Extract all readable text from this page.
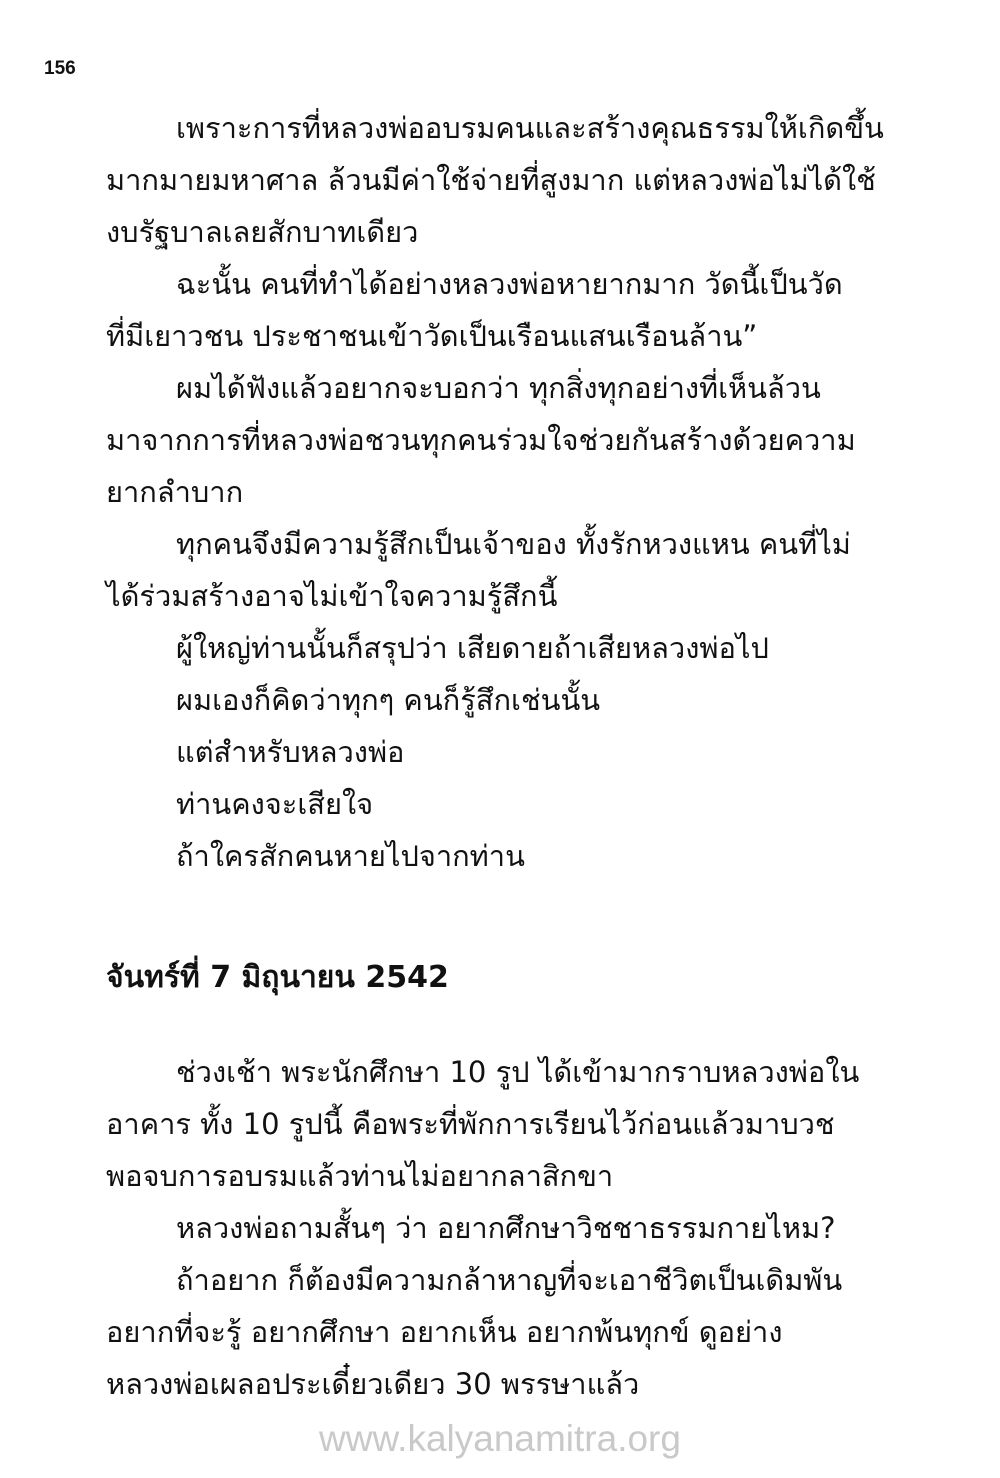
156
เพราะการที่หลวงพ่ออบรมคนและสร้างคุณธรรมให้เกิดขึ้น
มากมายมหาศาล ล้วนมีค่าใช้จ่ายที่สูงมาก แต่หลวงพ่อไม่ได้ใช้
งบรัฐบาลเลยสักบาทเดียว
ฉะนั้น คนที่ทำได้อย่างหลวงพ่อหายากมาก วัดนี้เป็นวัด
ที่มีเยาวชน ประชาชนเข้าวัดเป็นเรือนแสนเรือนล้าน”
ผมได้ฟังแล้วอยากจะบอกว่า ทุกสิ่งทุกอย่างที่เห็นล้วน
มาจากการที่หลวงพ่อชวนทุกคนร่วมใจช่วยกันสร้างด้วยความ
ยากลำบาก
ทุกคนจึงมีความรู้สึกเป็นเจ้าของ ทั้งรักหวงแหน คนที่ไม่
ได้ร่วมสร้างอาจไม่เข้าใจความรู้สึกนี้
ผู้ใหญ่ท่านนั้นก็สรุปว่า เสียดายถ้าเสียหลวงพ่อไป
ผมเองก็คิดว่าทุกๆ คนก็รู้สึกเช่นนั้น
แต่สำหรับหลวงพ่อ
ท่านคงจะเสียใจ
ถ้าใครสักคนหายไปจากท่าน
จันทร์ที่ 7 มิถุนายน 2542
ช่วงเช้า พระนักศึกษา 10 รูป ได้เข้ามากราบหลวงพ่อใน
อาคาร ทั้ง 10 รูปนี้ คือพระที่พักการเรียนไว้ก่อนแล้วมาบวช
พอจบการอบรมแล้วท่านไม่อยากลาสิกขา
หลวงพ่อถามสั้นๆ ว่า อยากศึกษาวิชชาธรรมกายไหม?
ถ้าอยาก ก็ต้องมีความกล้าหาญที่จะเอาชีวิตเป็นเดิมพัน
อยากที่จะรู้ อยากศึกษา อยากเห็น อยากพ้นทุกข์ ดูอย่าง
หลวงพ่อเผลอประเดี๋ยวเดียว 30 พรรษาแล้ว
www.kalyanamitra.org
